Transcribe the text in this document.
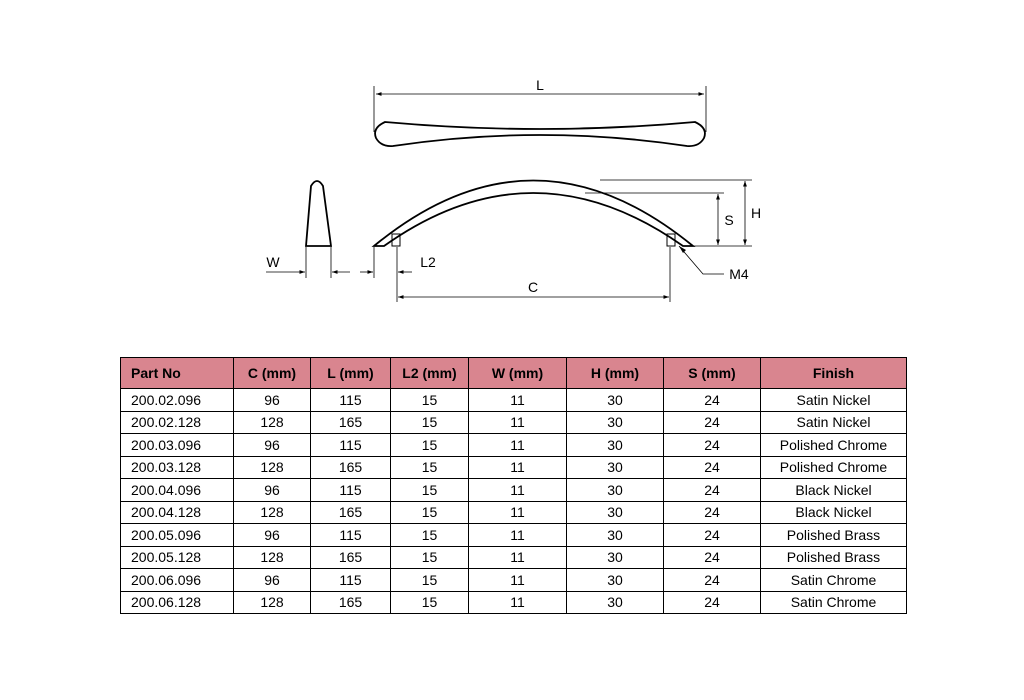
L
W
S H
L2
C
M4
Part No	C (mm)	L (mm)	L2 (mm)	W (mm)	H (mm)	S (mm)	Finish
200.02.096	96	115	15	11	30	24	Satin Nickel
200.02.128	128	165	15	11	30	24	Satin Nickel
200.03.096	96	115	15	11	30	24	Polished Chrome
200.03.128	128	165	15	11	30	24	Polished Chrome
200.04.096	96	115	15	11	30	24	Black Nickel
200.04.128	128	165	15	11	30	24	Black Nickel
200.05.096	96	115	15	11	30	24	Polished Brass
200.05.128	128	165	15	11	30	24	Polished Brass
200.06.096	96	115	15	11	30	24	Satin Chrome
200.06.128	128	165	15	11	30	24	Satin Chrome
